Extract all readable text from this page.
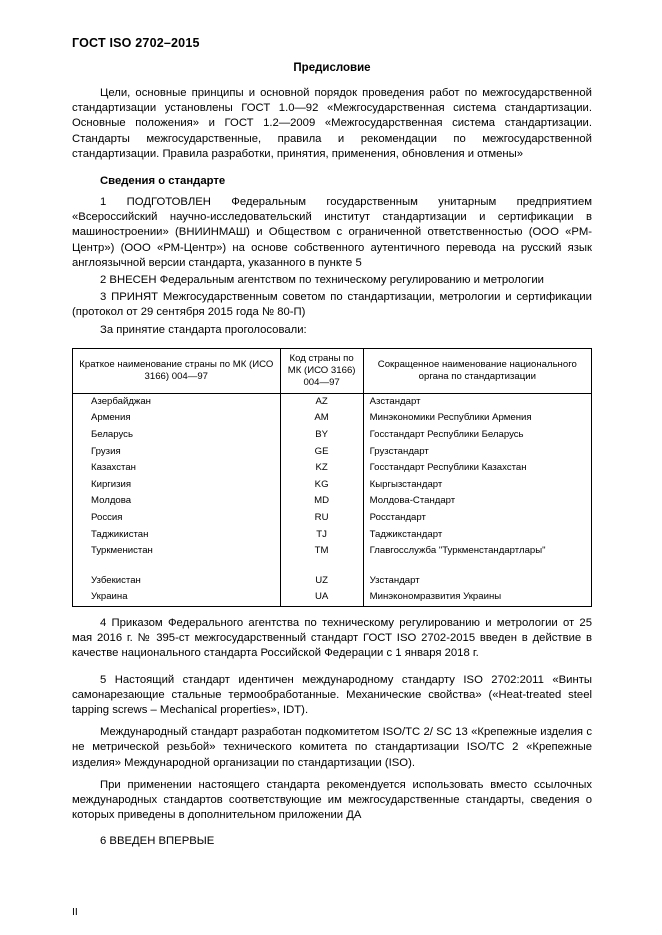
ГОСТ ISO 2702–2015
Предисловие

Цели, основные принципы и основной порядок проведения работ по межгосударственной стандартизации установлены ГОСТ 1.0—92 «Межгосударственная система стандартизации. Основные положения» и ГОСТ 1.2—2009 «Межгосударственная система стандартизации. Стандарты межгосударственные, правила и рекомендации по межгосударственной стандартизации. Правила разработки, принятия, применения, обновления и отмены»

Сведения о стандарте

1 ПОДГОТОВЛЕН Федеральным государственным унитарным предприятием «Всероссийский научно-исследовательский институт стандартизации и сертификации в машиностроении» (ВНИИНМАШ) и Обществом с ограниченной ответственностью (ООО «РМ-Центр») (ООО «РМ-Центр») на основе собственного аутентичного перевода на русский язык англоязычной версии стандарта, указанного в пункте 5

2 ВНЕСЕН Федеральным агентством по техническому регулированию и метрологии

3 ПРИНЯТ Межгосударственным советом по стандартизации, метрологии и сертификации (протокол от 29 сентября 2015 года № 80-П)

За принятие стандарта проголосовали:

Краткое наименование страны по МК (ИСО 3166) 004—97	Код страны по МК (ИСО 3166) 004—97	Сокращенное наименование национального органа по стандартизации
Азербайджан	AZ	Азстандарт
Армения	AM	Минэкономики Республики Армения
Беларусь	BY	Госстандарт Республики Беларусь
Грузия	GE	Грузстандарт
Казахстан	KZ	Госстандарт Республики Казахстан
Киргизия	KG	Кыргызстандарт
Молдова	MD	Молдова-Стандарт
Россия	RU	Росстандарт
Таджикистан	TJ	Таджикстандарт
Туркменистан	TM	Главгосслужба "Туркменстандартлары"

Узбекистан	UZ	Узстандарт
Украина	UA	Минэкономразвития Украины

4 Приказом Федерального агентства по техническому регулированию и метрологии от 25 мая 2016 г. № 395-ст межгосударственный стандарт ГОСТ ISO 2702-2015 введен в действие в качестве национального стандарта Российской Федерации с 1 января 2018 г.

5 Настоящий стандарт идентичен международному стандарту ISO 2702:2011 «Винты самонарезающие стальные термообработанные. Механические свойства» («Heat-treated steel tapping screws – Mechanical properties», IDT).

Международный стандарт разработан подкомитетом ISO/TC 2/ SC 13 «Крепежные изделия с не метрической резьбой» технического комитета по стандартизации ISO/TC 2 «Крепежные изделия» Международной организации по стандартизации (ISO).

При применении настоящего стандарта рекомендуется использовать вместо ссылочных международных стандартов соответствующие им межгосударственные стандарты, сведения о которых приведены в дополнительном приложении ДА

6 ВВЕДЕН ВПЕРВЫЕ

II
